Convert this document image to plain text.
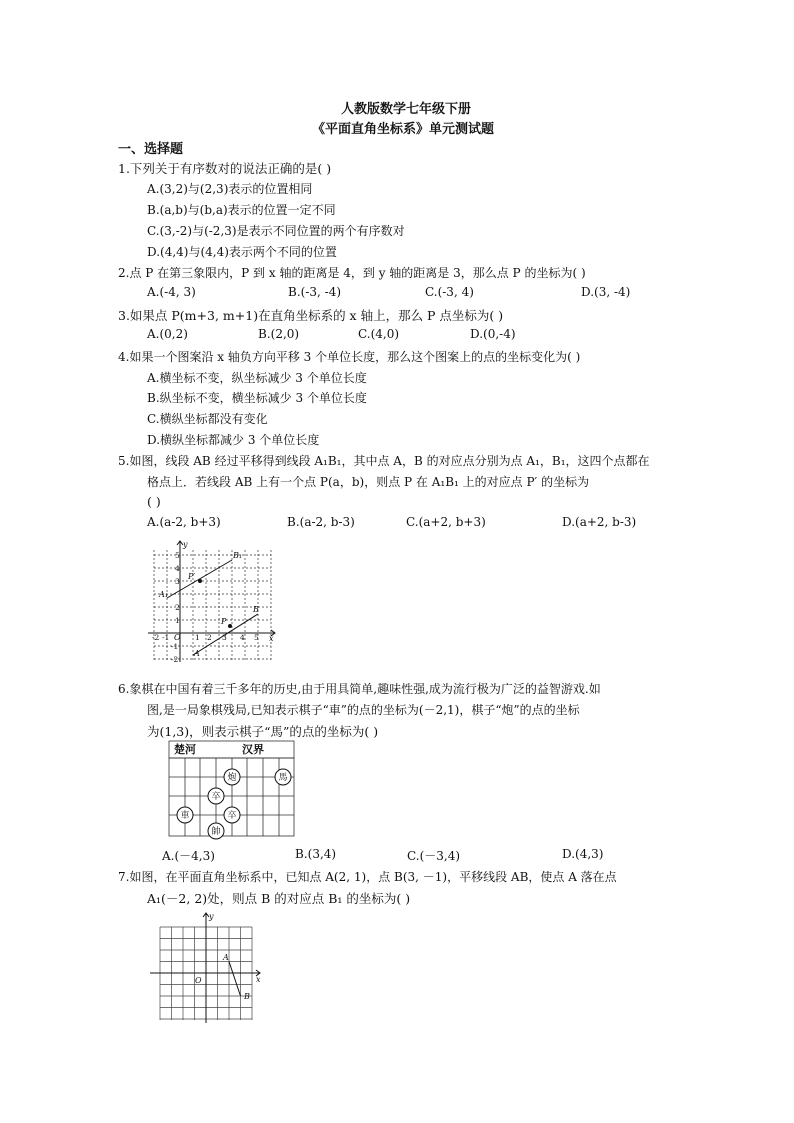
人教版数学七年级下册
《平面直角坐标系》单元测试题
一、选择题
1.下列关于有序数对的说法正确的是( )
A.(3,2)与(2,3)表示的位置相同
B.(a,b)与(b,a)表示的位置一定不同
C.(3,-2)与(-2,3)是表示不同位置的两个有序数对
D.(4,4)与(4,4)表示两个不同的位置
2.点 P 在第三象限内，P 到 x 轴的距离是 4，到 y 轴的距离是 3，那么点 P 的坐标为( )
A.(-4, 3)	B.(-3, -4)	C.(-3, 4)	D.(3, -4)
3.如果点 P(m+3, m+1)在直角坐标系的 x 轴上，那么 P 点坐标为( )
A.(0,2)	B.(2,0)	C.(4,0)	D.(0,-4)
4.如果一个图案沿 x 轴负方向平移 3 个单位长度，那么这个图案上的点的坐标变化为( )
A.横坐标不变，纵坐标减少 3 个单位长度
B.纵坐标不变，横坐标减少 3 个单位长度
C.横纵坐标都没有变化
D.横纵坐标都减少 3 个单位长度
5.如图，线段 AB 经过平移得到线段 A₁B₁，其中点 A，B 的对应点分别为点 A₁，B₁，这四个点都在
格点上．若线段 AB 上有一个点 P(a，b)，则点 P 在 A₁B₁ 上的对应点 P′ 的坐标为
( )
A.(a-2, b+3)	B.(a-2, b-3)	C.(a+2, b+3)	D.(a+2, b-3)
y
x
O
B₁
P′
A₁
P
B
A
5
4
3
2
1
-1
-2
-2 -1	1 2 3 4 5
6.象棋在中国有着三千多年的历史,由于用具简单,趣味性强,成为流行极为广泛的益智游戏.如
图,是一局象棋残局,已知表示棋子“車”的点的坐标为(－2,1)，棋子“炮”的点的坐标
为(1,3)，则表示棋子“馬”的点的坐标为( )
楚河	汉界
炮	馬
卒
車	卒
帥
A.(－4,3)	B.(3,4)	C.(－3,4)	D.(4,3)
7.如图，在平面直角坐标系中，已知点 A(2, 1)，点 B(3, －1)，平移线段 AB，使点 A 落在点
A₁(－2, 2)处，则点 B 的对应点 B₁ 的坐标为( )
y
x
O
A
B
